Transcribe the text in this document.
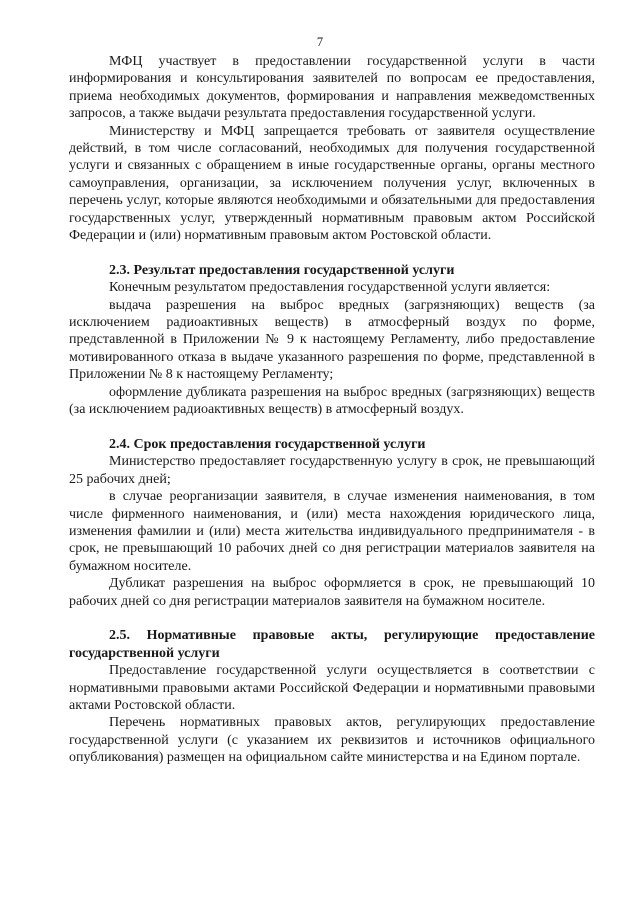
7

МФЦ участвует в предоставлении государственной услуги в части информирования и консультирования заявителей по вопросам ее предоставления, приема необходимых документов, формирования и направления межведомственных запросов, а также выдачи результата предоставления государственной услуги.

Министерству и МФЦ запрещается требовать от заявителя осуществление действий, в том числе согласований, необходимых для получения государственной услуги и связанных с обращением в иные государственные органы, органы местного самоуправления, организации, за исключением получения услуг, включенных в перечень услуг, которые являются необходимыми и обязательными для предоставления государственных услуг, утвержденный нормативным правовым актом Российской Федерации и (или) нормативным правовым актом Ростовской области.

2.3. Результат предоставления государственной услуги

Конечным результатом предоставления государственной услуги является:

выдача разрешения на выброс вредных (загрязняющих) веществ (за исключением радиоактивных веществ) в атмосферный воздух по форме, представленной в Приложении № 9 к настоящему Регламенту, либо предоставление мотивированного отказа в выдаче указанного разрешения по форме, представленной в Приложении № 8 к настоящему Регламенту;

оформление дубликата разрешения на выброс вредных (загрязняющих) веществ (за исключением радиоактивных веществ) в атмосферный воздух.

2.4. Срок предоставления государственной услуги

Министерство предоставляет государственную услугу в срок, не превышающий 25 рабочих дней;

в случае реорганизации заявителя, в случае изменения наименования, в том числе фирменного наименования, и (или) места нахождения юридического лица, изменения фамилии и (или) места жительства индивидуального предпринимателя - в срок, не превышающий 10 рабочих дней со дня регистрации материалов заявителя на бумажном носителе.

Дубликат разрешения на выброс оформляется в срок, не превышающий 10 рабочих дней со дня регистрации материалов заявителя на бумажном носителе.

2.5. Нормативные правовые акты, регулирующие предоставление государственной услуги

Предоставление государственной услуги осуществляется в соответствии с нормативными правовыми актами Российской Федерации и нормативными правовыми актами Ростовской области.

Перечень нормативных правовых актов, регулирующих предоставление государственной услуги (с указанием их реквизитов и источников официального опубликования) размещен на официальном сайте министерства и на Едином портале.
